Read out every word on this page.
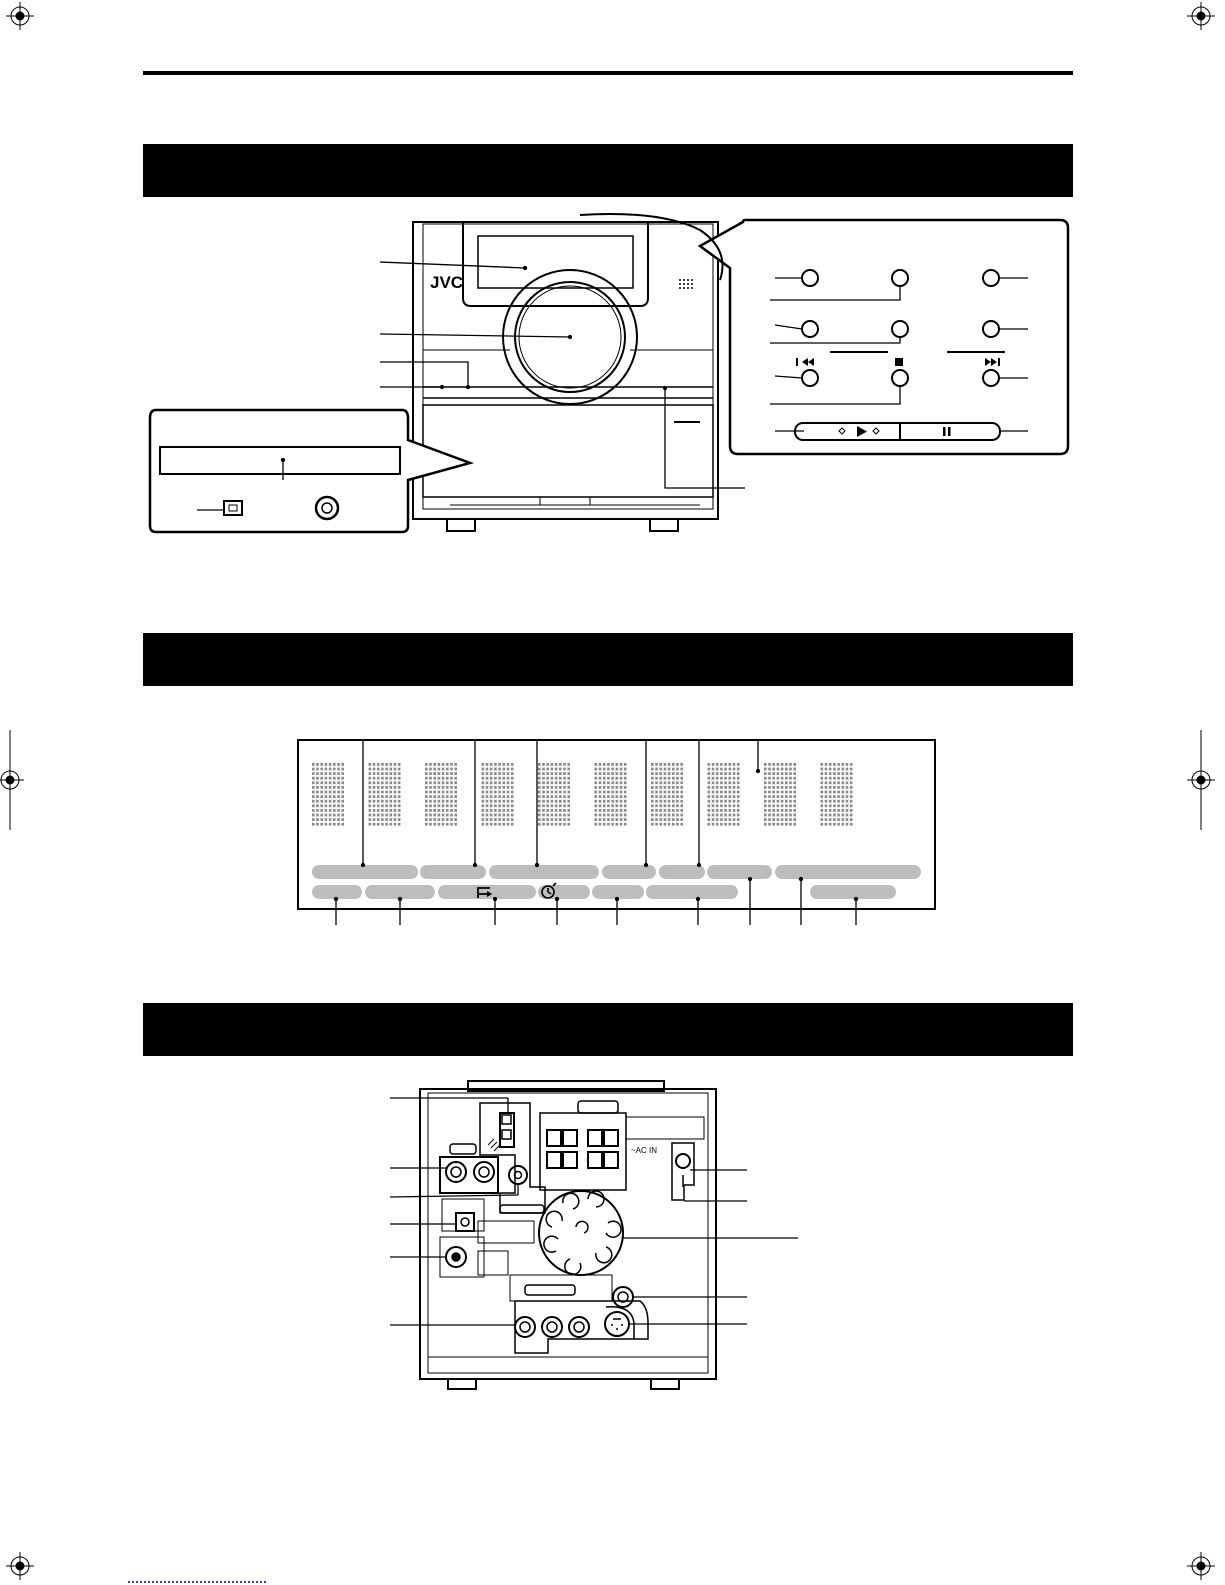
JVC
~AC IN
